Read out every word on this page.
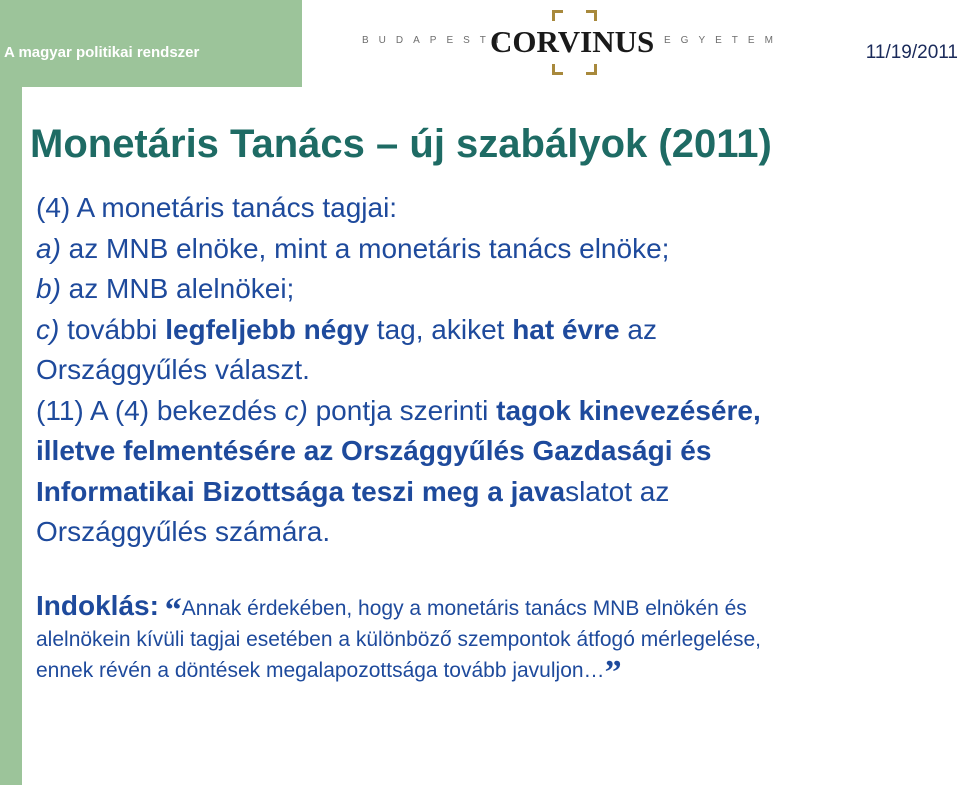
A magyar politikai rendszer
BUDAPESTI
CORVINUS EGYETEM
11/19/2011
Monetáris Tanács – új szabályok (2011)

(4) A monetáris tanács tagjai:

a) az MNB elnöke, mint a monetáris tanács elnöke;

b) az MNB alelnökei;

c) további legfeljebb négy tag, akiket hat évre az

Országgyűlés választ.

(11) A (4) bekezdés c) pontja szerinti tagok kinevezésére,

illetve felmentésére az Országgyűlés Gazdasági és

Informatikai Bizottsága teszi meg a javaslatot az

Országgyűlés számára.

Indoklás: “Annak érdekében, hogy a monetáris tanács MNB elnökén és

alelnökein kívüli tagjai esetében a különböző szempontok átfogó mérlegelése,

ennek révén a döntések megalapozottsága tovább javuljon…”
